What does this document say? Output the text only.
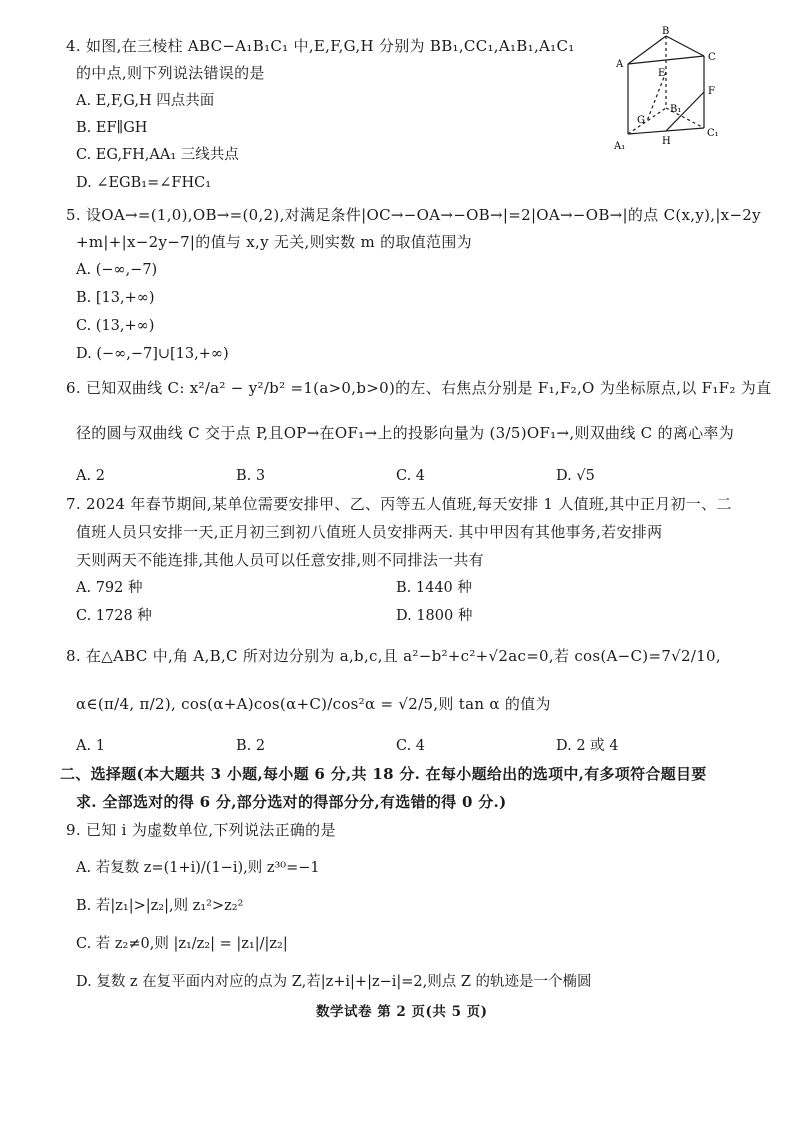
4. 如图,在三棱柱 ABC−A₁B₁C₁ 中,E,F,G,H 分别为 BB₁,CC₁,A₁B₁,A₁C₁
的中点,则下列说法错误的是
A. E,F,G,H 四点共面
B. EF∥GH
C. EG,FH,AA₁ 三线共点
D. ∠EGB₁=∠FHC₁
B
A
C
E
F
G
B₁
A₁	H
C₁
5. 设OA→=(1,0),OB→=(0,2),对满足条件|OC→−OA→−OB→|=2|OA→−OB→|的点 C(x,y),|x−2y
+m|+|x−2y−7|的值与 x,y 无关,则实数 m 的取值范围为
A. (−∞,−7)
B. [13,+∞)
C. (13,+∞)
D. (−∞,−7]∪[13,+∞)
6. 已知双曲线 C: x²/a² − y²/b² =1(a>0,b>0)的左、右焦点分别是 F₁,F₂,O 为坐标原点,以 F₁F₂ 为直
径的圆与双曲线 C 交于点 P,且OP→在OF₁→上的投影向量为 (3/5)OF₁→,则双曲线 C 的离心率为
A. 2	B. 3	C. 4	D. √5
7. 2024 年春节期间,某单位需要安排甲、乙、丙等五人值班,每天安排 1 人值班,其中正月初一、二
值班人员只安排一天,正月初三到初八值班人员安排两天. 其中甲因有其他事务,若安排两
天则两天不能连排,其他人员可以任意安排,则不同排法一共有
A. 792 种	B. 1440 种
C. 1728 种	D. 1800 种
8. 在△ABC 中,角 A,B,C 所对边分别为 a,b,c,且 a²−b²+c²+√2ac=0,若 cos(A−C)=7√2/10,
α∈(π/4, π/2), cos(α+A)cos(α+C)/cos²α = √2/5,则 tan α 的值为
A. 1	B. 2	C. 4	D. 2 或 4
二、选择题(本大题共 3 小题,每小题 6 分,共 18 分. 在每小题给出的选项中,有多项符合题目要
求. 全部选对的得 6 分,部分选对的得部分分,有选错的得 0 分.)
9. 已知 i 为虚数单位,下列说法正确的是
A. 若复数 z=(1+i)/(1−i),则 z³⁰=−1
B. 若|z₁|>|z₂|,则 z₁²>z₂²
C. 若 z₂≠0,则 |z₁/z₂| = |z₁|/|z₂|
D. 复数 z 在复平面内对应的点为 Z,若|z+i|+|z−i|=2,则点 Z 的轨迹是一个椭圆
数学试卷 第 2 页(共 5 页)
